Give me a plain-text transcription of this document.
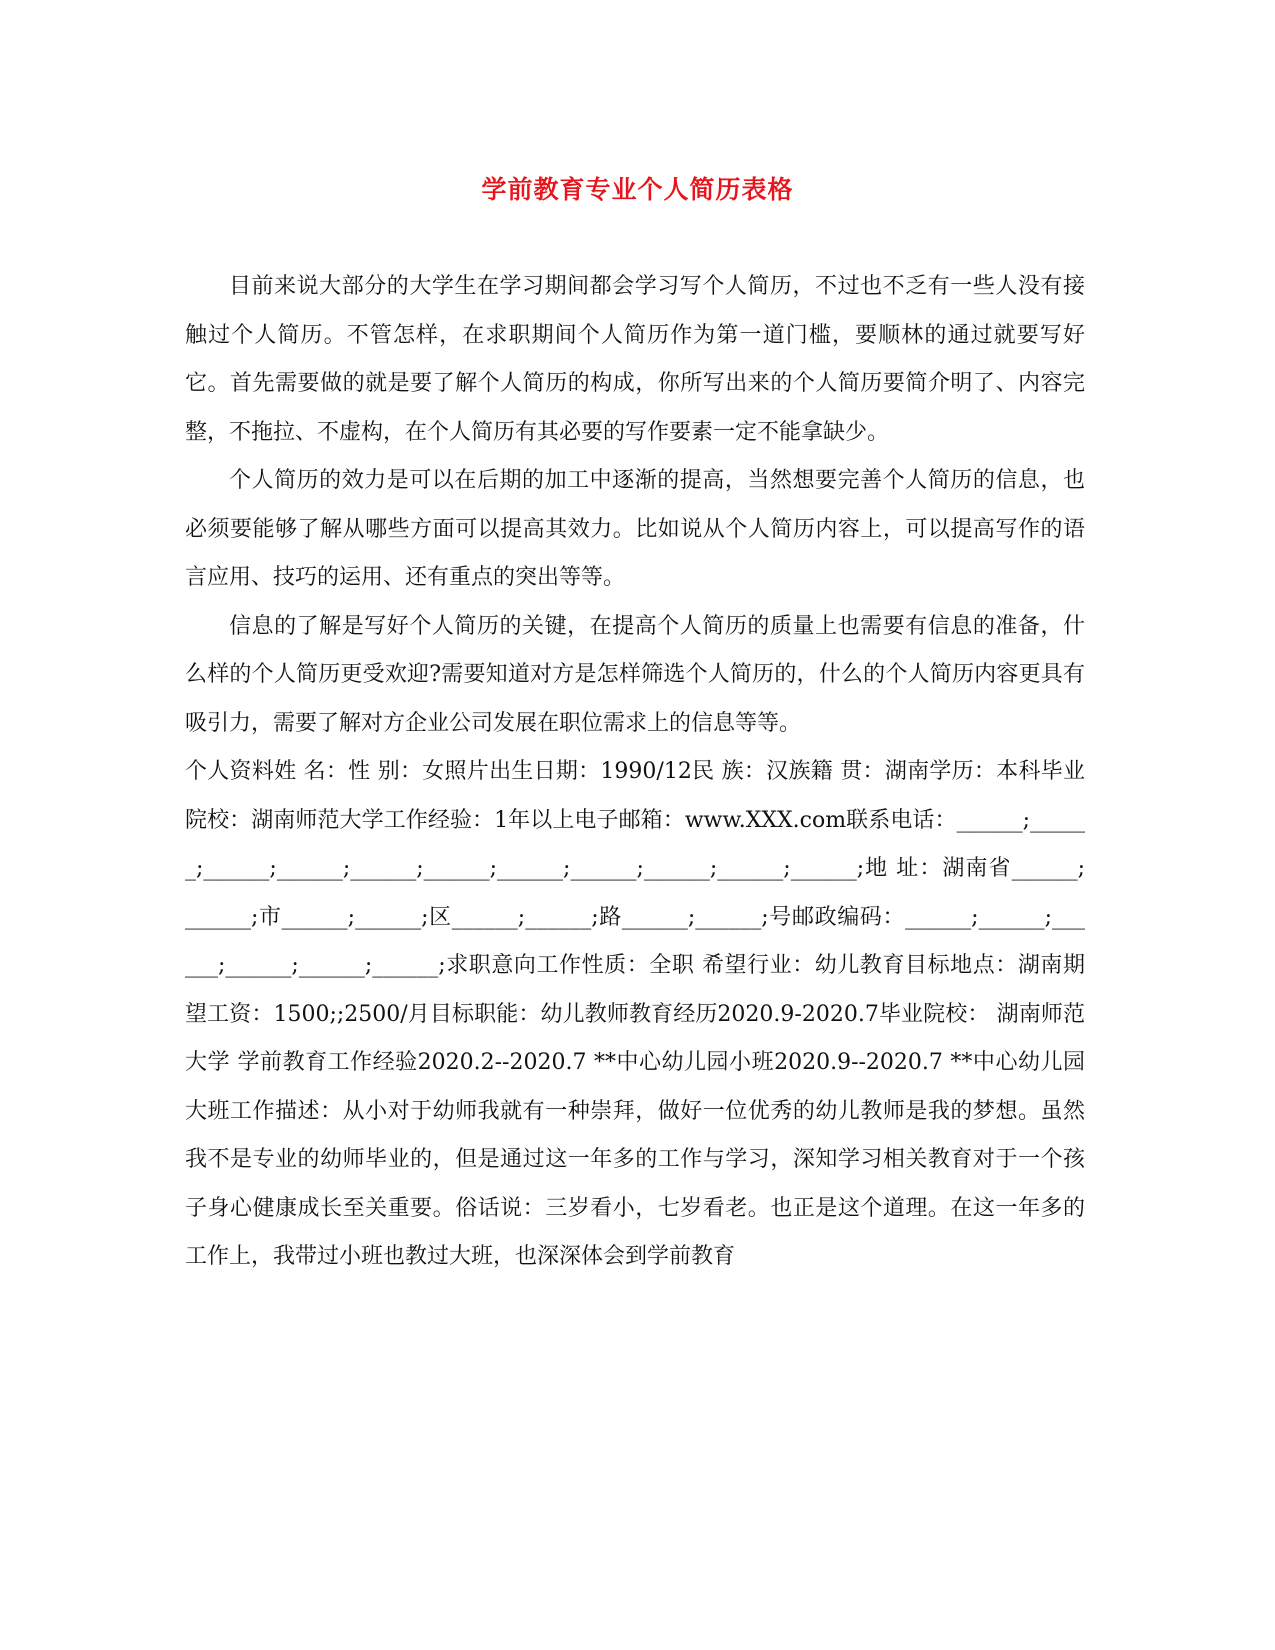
学前教育专业个人简历表格

目前来说大部分的大学生在学习期间都会学习写个人简历，不过也不乏有一些人没有接触过个人简历。不管怎样，在求职期间个人简历作为第一道门槛，要顺林的通过就要写好它。首先需要做的就是要了解个人简历的构成，你所写出来的个人简历要简介明了、内容完整，不拖拉、不虚构，在个人简历有其必要的写作要素一定不能拿缺少。

个人简历的效力是可以在后期的加工中逐渐的提高，当然想要完善个人简历的信息，也必须要能够了解从哪些方面可以提高其效力。比如说从个人简历内容上，可以提高写作的语言应用、技巧的运用、还有重点的突出等等。

信息的了解是写好个人简历的关键，在提高个人简历的质量上也需要有信息的准备，什么样的个人简历更受欢迎?需要知道对方是怎样筛选个人简历的，什么的个人简历内容更具有吸引力，需要了解对方企业公司发展在职位需求上的信息等等。

个人资料姓 名：性 别：女照片出生日期：1990/12民 族：汉族籍 贯：湖南学历：本科毕业院校：湖南师范大学工作经验：1年以上电子邮箱：www.XXX.com联系电话：______;______;______;______;______;______;______;______;______;______;______;地 址：湖南省______;______;市______;______;区______;______;路______;______;号邮政编码：______;______;______;______;______;______;求职意向工作性质：全职 希望行业：幼儿教育目标地点：湖南期望工资：1500;;2500/月目标职能：幼儿教师教育经历2020.9-2020.7毕业院校： 湖南师范大学 学前教育工作经验2020.2--2020.7 **中心幼儿园小班2020.9--2020.7 **中心幼儿园大班工作描述：从小对于幼师我就有一种崇拜，做好一位优秀的幼儿教师是我的梦想。虽然我不是专业的幼师毕业的，但是通过这一年多的工作与学习，深知学习相关教育对于一个孩子身心健康成长至关重要。俗话说：三岁看小，七岁看老。也正是这个道理。在这一年多的工作上，我带过小班也教过大班，也深深体会到学前教育
